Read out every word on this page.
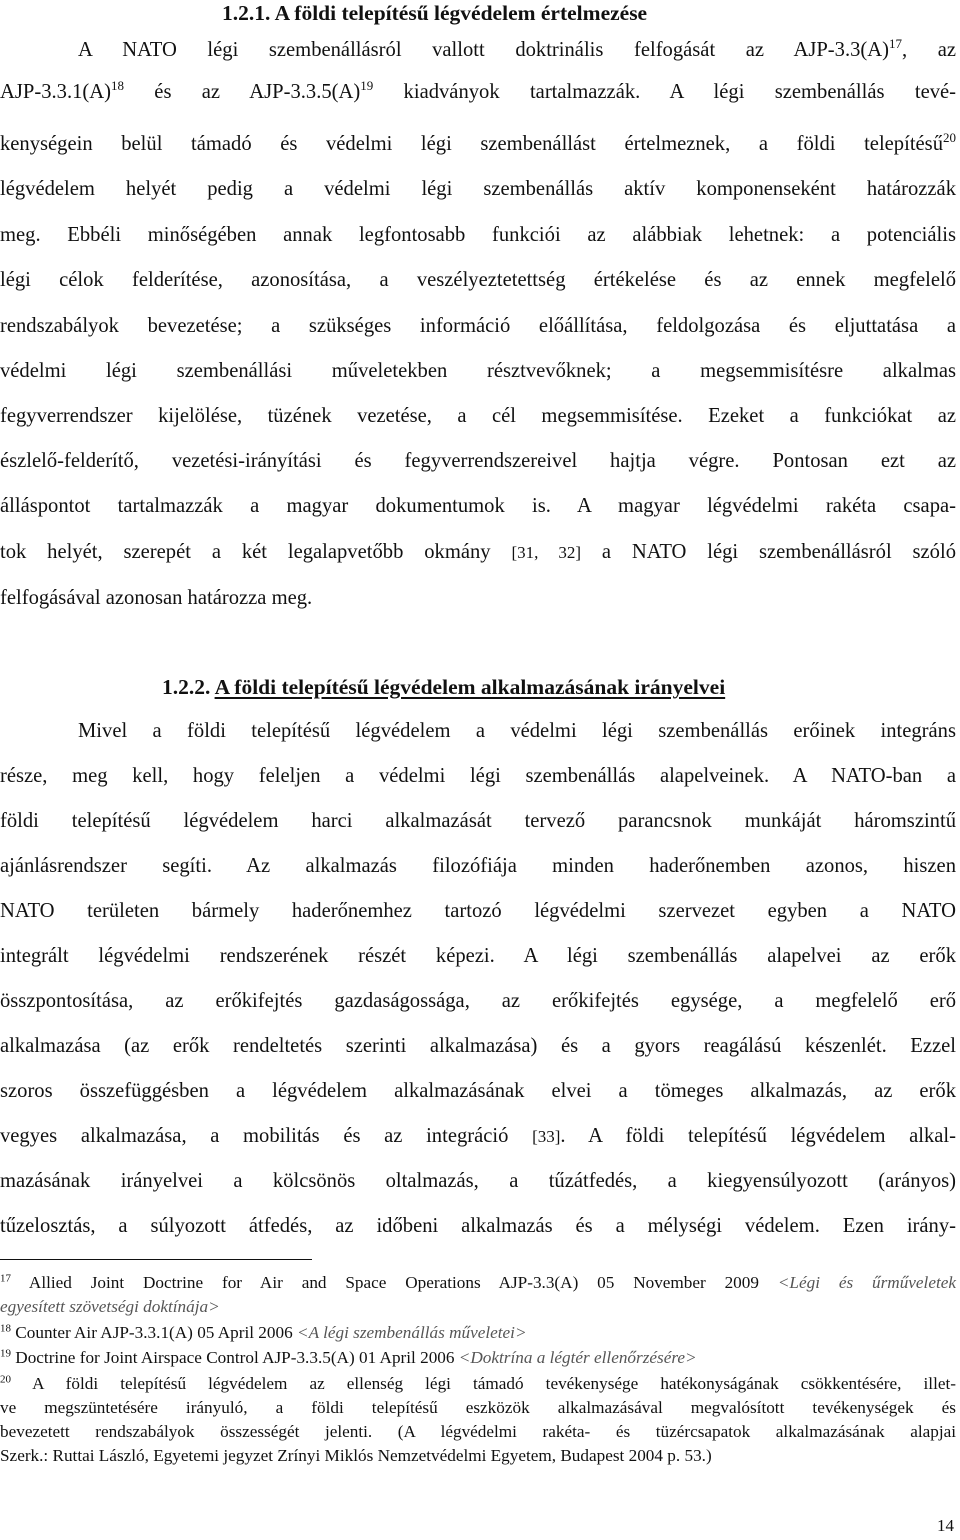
1.2.1. A földi telepítésű légvédelem értelmezése
A NATO légi szembenállásról vallott doktrinális felfogását az AJP-$3.3(A)^{17}$, az
AJP-$3.3.1(A)^{18}$ és az AJP-$3.3.5(A)^{19}$ kiadványok tartalmazzák. A légi szembenállás tevé-
kenységein belül támadó és védelmi légi szembenállást értelmeznek, a földi telepítésű$^{20}$
légvédelem helyét pedig a védelmi légi szembenállás aktív komponenseként határozzák
meg. Ebbéli minőségében annak legfontosabb funkciói az alábbiak lehetnek: a potenciális
légi célok felderítése, azonosítása, a veszélyeztetettség értékelése és az ennek megfelelő
rendszabályok bevezetése; a szükséges információ előállítása, feldolgozása és eljuttatása a
védelmi légi szembenállási műveletekben résztvevőknek; a megsemmisítésre alkalmas
fegyverrendszer kijelölése, tüzének vezetése, a cél megsemmisítése. Ezeket a funkciókat az
észlelő-felderítő, vezetési-irányítási és fegyverrendszereivel hajtja végre. Pontosan ezt az
álláspontot tartalmazzák a magyar dokumentumok is. A magyar légvédelmi rakéta csapa-
tok helyét, szerepét a két legalapvetőbb okmány [31, 32] a NATO légi szembenállásról szóló
felfogásával azonosan határozza meg.
1.2.2. A földi telepítésű légvédelem alkalmazásának irányelvei
Mivel a földi telepítésű légvédelem a védelmi légi szembenállás erőinek integráns
része, meg kell, hogy feleljen a védelmi légi szembenállás alapelveinek. A NATO-ban a
földi telepítésű légvédelem harci alkalmazását tervező parancsnok munkáját háromszintű
ajánlásrendszer segíti. Az alkalmazás filozófiája minden haderőnemben azonos, hiszen
NATO területen bármely haderőnemhez tartozó légvédelmi szervezet egyben a NATO
integrált légvédelmi rendszerének részét képezi. A légi szembenállás alapelvei az erők
összpontosítása, az erőkifejtés gazdaságossága, az erőkifejtés egysége, a megfelelő erő
alkalmazása (az erők rendeltetés szerinti alkalmazása) és a gyors reagálású készenlét. Ezzel
szoros összefüggésben a légvédelem alkalmazásának elvei a tömeges alkalmazás, az erők
vegyes alkalmazása, a mobilitás és az integráció [33]. A földi telepítésű légvédelem alkal-
mazásának irányelvei a kölcsönös oltalmazás, a tűzátfedés, a kiegyensúlyozott (arányos)
tűzelosztás, a súlyozott átfedés, az időbeni alkalmazás és a mélységi védelem. Ezen irány-
$^{17}$ Allied Joint Doctrine for Air and Space Operations AJP-3.3(A) 05 November 2009 <Légi és űrműveletek
egyesített szövetségi doktínája>
$^{18}$ Counter Air AJP-3.3.1(A) 05 April 2006 <A légi szembenállás műveletei>
$^{19}$ Doctrine for Joint Airspace Control AJP-3.3.5(A) 01 April 2006 <Doktrína a légtér ellenőrzésére>
$^{20}$ A földi telepítésű légvédelem az ellenség légi támadó tevékenysége hatékonyságának csökkentésére, illet-
ve megszüntetésére irányuló, a földi telepítésű eszközök alkalmazásával megvalósított tevékenységek és
bevezetett rendszabályok összességét jelenti. (A légvédelmi rakéta- és tüzércsapatok alkalmazásának alapjai
Szerk.: Ruttai László, Egyetemi jegyzet Zrínyi Miklós Nemzetvédelmi Egyetem, Budapest 2004 p. 53.)
14
